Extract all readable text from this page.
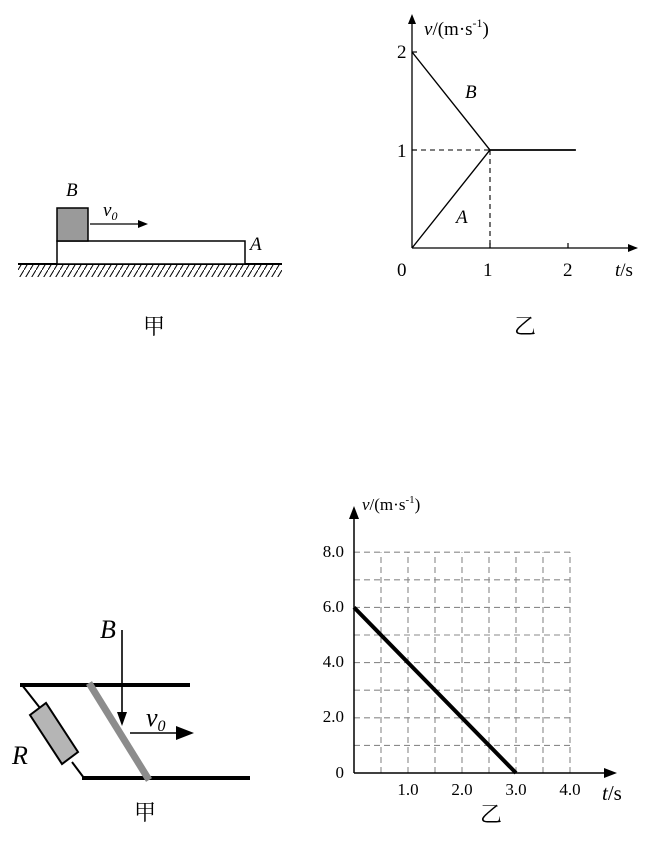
B
$v_0$
A
甲
$v/(m\cdot s^{-1})$
2
1
0	1	2 t/s
B
A
乙
B
v0
R
甲
$v/(m\cdot s^{-1})$
8.0
6.0
4.0
2.0
0
1.0 2.0 3.0 4.0 t/s
乙
